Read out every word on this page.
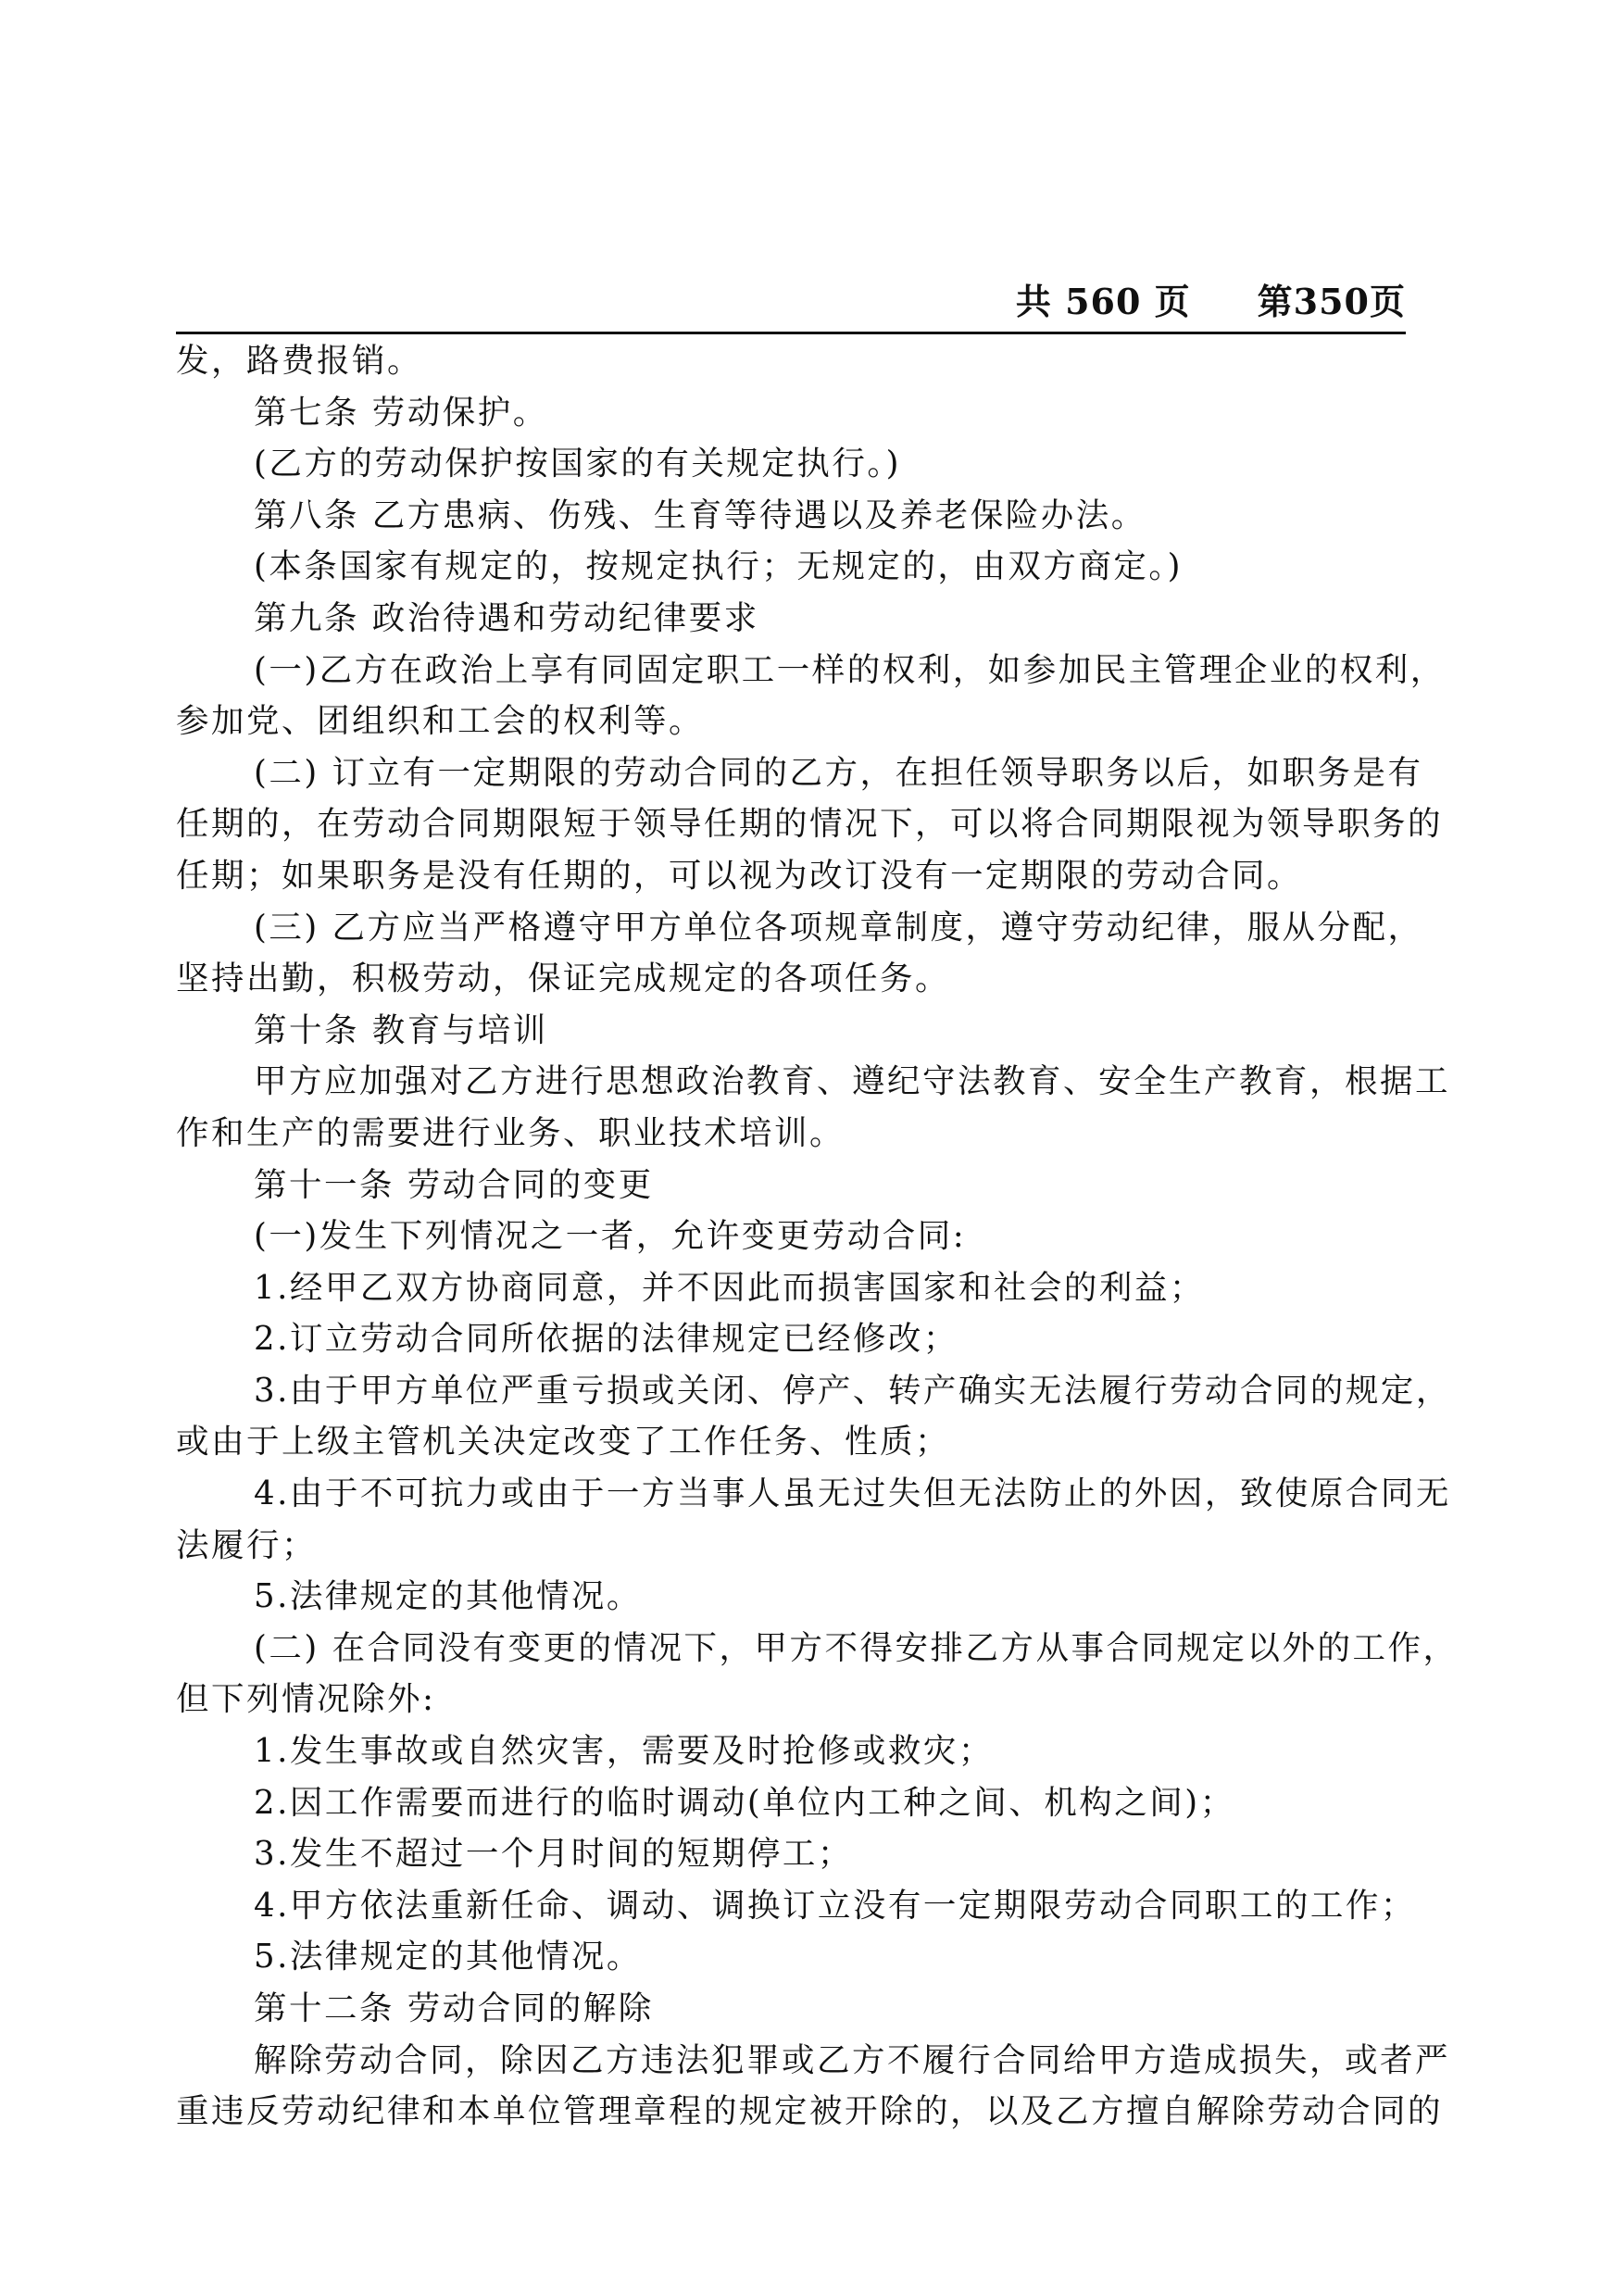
共 560 页 第350页
发，路费报销。
第七条 劳动保护。
(乙方的劳动保护按国家的有关规定执行。)
第八条 乙方患病、伤残、生育等待遇以及养老保险办法。
(本条国家有规定的，按规定执行；无规定的，由双方商定。)
第九条 政治待遇和劳动纪律要求
(一)乙方在政治上享有同固定职工一样的权利，如参加民主管理企业的权利，
参加党、团组织和工会的权利等。
(二) 订立有一定期限的劳动合同的乙方，在担任领导职务以后，如职务是有
任期的，在劳动合同期限短于领导任期的情况下，可以将合同期限视为领导职务的
任期；如果职务是没有任期的，可以视为改订没有一定期限的劳动合同。
(三) 乙方应当严格遵守甲方单位各项规章制度，遵守劳动纪律，服从分配，
坚持出勤，积极劳动，保证完成规定的各项任务。
第十条 教育与培训
甲方应加强对乙方进行思想政治教育、遵纪守法教育、安全生产教育，根据工
作和生产的需要进行业务、职业技术培训。
第十一条 劳动合同的变更
(一)发生下列情况之一者，允许变更劳动合同:
1.经甲乙双方协商同意，并不因此而损害国家和社会的利益；
2.订立劳动合同所依据的法律规定已经修改；
3.由于甲方单位严重亏损或关闭、停产、转产确实无法履行劳动合同的规定，
或由于上级主管机关决定改变了工作任务、性质；
4.由于不可抗力或由于一方当事人虽无过失但无法防止的外因，致使原合同无
法履行；
5.法律规定的其他情况。
(二) 在合同没有变更的情况下，甲方不得安排乙方从事合同规定以外的工作，
但下列情况除外:
1.发生事故或自然灾害，需要及时抢修或救灾；
2.因工作需要而进行的临时调动(单位内工种之间、机构之间)；
3.发生不超过一个月时间的短期停工；
4.甲方依法重新任命、调动、调换订立没有一定期限劳动合同职工的工作；
5.法律规定的其他情况。
第十二条 劳动合同的解除
解除劳动合同，除因乙方违法犯罪或乙方不履行合同给甲方造成损失，或者严
重违反劳动纪律和本单位管理章程的规定被开除的，以及乙方擅自解除劳动合同的
